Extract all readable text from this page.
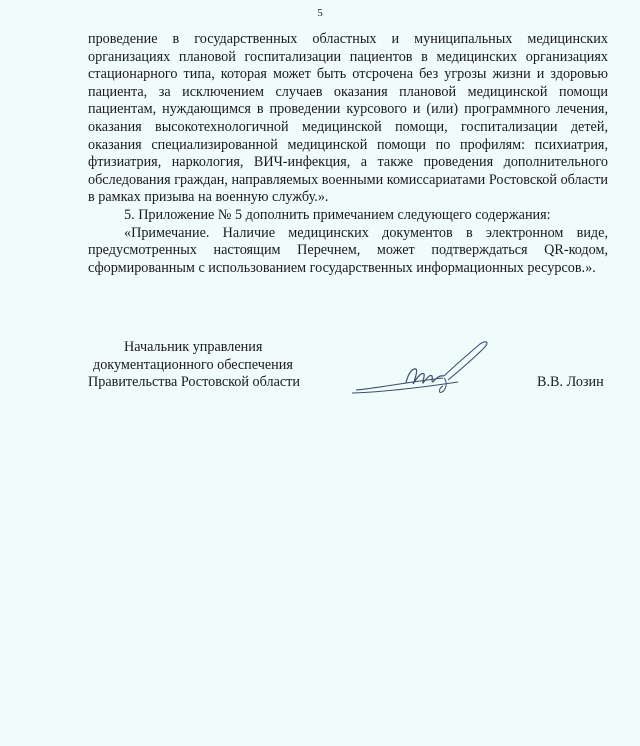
5

проведение в государственных областных и муниципальных медицинских организациях плановой госпитализации пациентов в медицинских организациях стационарного типа, которая может быть отсрочена без угрозы жизни и здоровью пациента, за исключением случаев оказания плановой медицинской помощи пациентам, нуждающимся в проведении курсового и (или) программного лечения, оказания высокотехнологичной медицинской помощи, госпитализации детей, оказания специализированной медицинской помощи по профилям: психиатрия, фтизиатрия, наркология, ВИЧ-инфекция, а также проведения дополнительного обследования граждан, направляемых военными комиссариатами Ростовской области в рамках призыва на военную службу.».

5. Приложение № 5 дополнить примечанием следующего содержания:

«Примечание. Наличие медицинских документов в электронном виде, предусмотренных настоящим Перечнем, может подтверждаться QR-кодом, сформированным с использованием государственных информационных ресурсов.».

Начальник управления
документационного обеспечения
Правительства Ростовской области	В.В. Лозин
